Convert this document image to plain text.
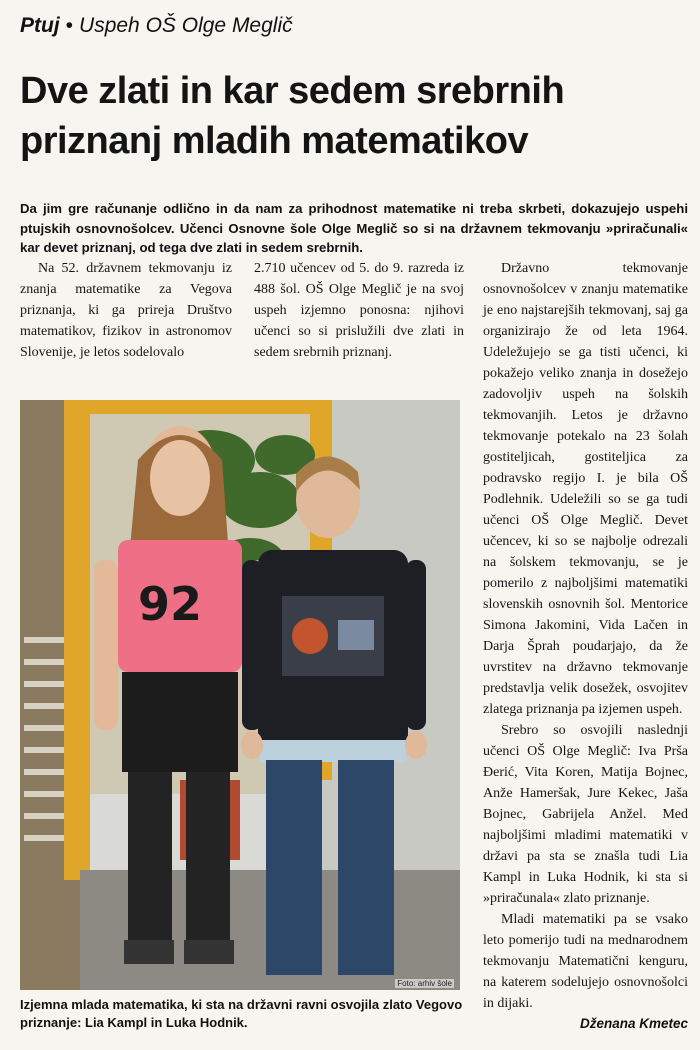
Ptuj • Uspeh OŠ Olge Meglič
Dve zlati in kar sedem srebrnih priznanj mladih matematikov

Da jim gre računanje odlično in da nam za prihodnost matematike ni treba skrbeti, dokazujejo uspehi ptujskih osnovnošolcev. Učenci Osnovne šole Olge Meglič so si na državnem tekmovanju »priračunali« kar devet priznanj, od tega dve zlati in sedem srebrnih.

Na 52. državnem tekmovanju iz znanja matematike za Vegova priznanja, ki ga prireja Društvo matematikov, fizikov in astronomov Slovenije, je letos sodelovalo

2.710 učencev od 5. do 9. razreda iz 488 šol. OŠ Olge Meglič je na svoj uspeh izjemno ponosna: njihovi učenci so si prislužili dve zlati in sedem srebrnih priznanj.

Državno tekmovanje osnovnošolcev v znanju matematike je eno najstarejših tekmovanj, saj ga organizirajo že od leta 1964. Udeležujejo se ga tisti učenci, ki pokažejo veliko znanja in dosežejo zadovoljiv uspeh na šolskih tekmovanjih. Letos je državno tekmovanje potekalo na 23 šolah gostiteljicah, gostiteljica za podravsko regijo I. je bila OŠ Podlehnik. Udeležili so se ga tudi učenci OŠ Olge Meglič. Devet učencev, ki so se najbolje odrezali na šolskem tekmovanju, se je pomerilo z najboljšimi matematiki slovenskih osnovnih šol. Mentorice Simona Jakomini, Vida Lačen in Darja Šprah poudarjajo, da že uvrstitev na državno tekmovanje predstavlja velik dosežek, osvojitev zlatega priznanja pa izjemen uspeh.

Srebro so osvojili naslednji učenci OŠ Olge Meglič: Iva Prša Đerić, Vita Koren, Matija Bojnec, Anže Hameršak, Jure Kekec, Jaša Bojnec, Gabrijela Anžel. Med najboljšimi mladimi matematiki v državi pa sta se znašla tudi Lia Kampl in Luka Hodnik, ki sta si »priračunala« zlato priznanje.

Mladi matematiki pa se vsako leto pomerijo tudi na mednarodnem tekmovanju Matematični kenguru, na katerem sodelujejo osnovnošolci in dijaki.

92
Foto: arhiv šole

Izjemna mlada matematika, ki sta na državni ravni osvojila zlato Vegovo priznanje: Lia Kampl in Luka Hodnik.	Dženana Kmetec
